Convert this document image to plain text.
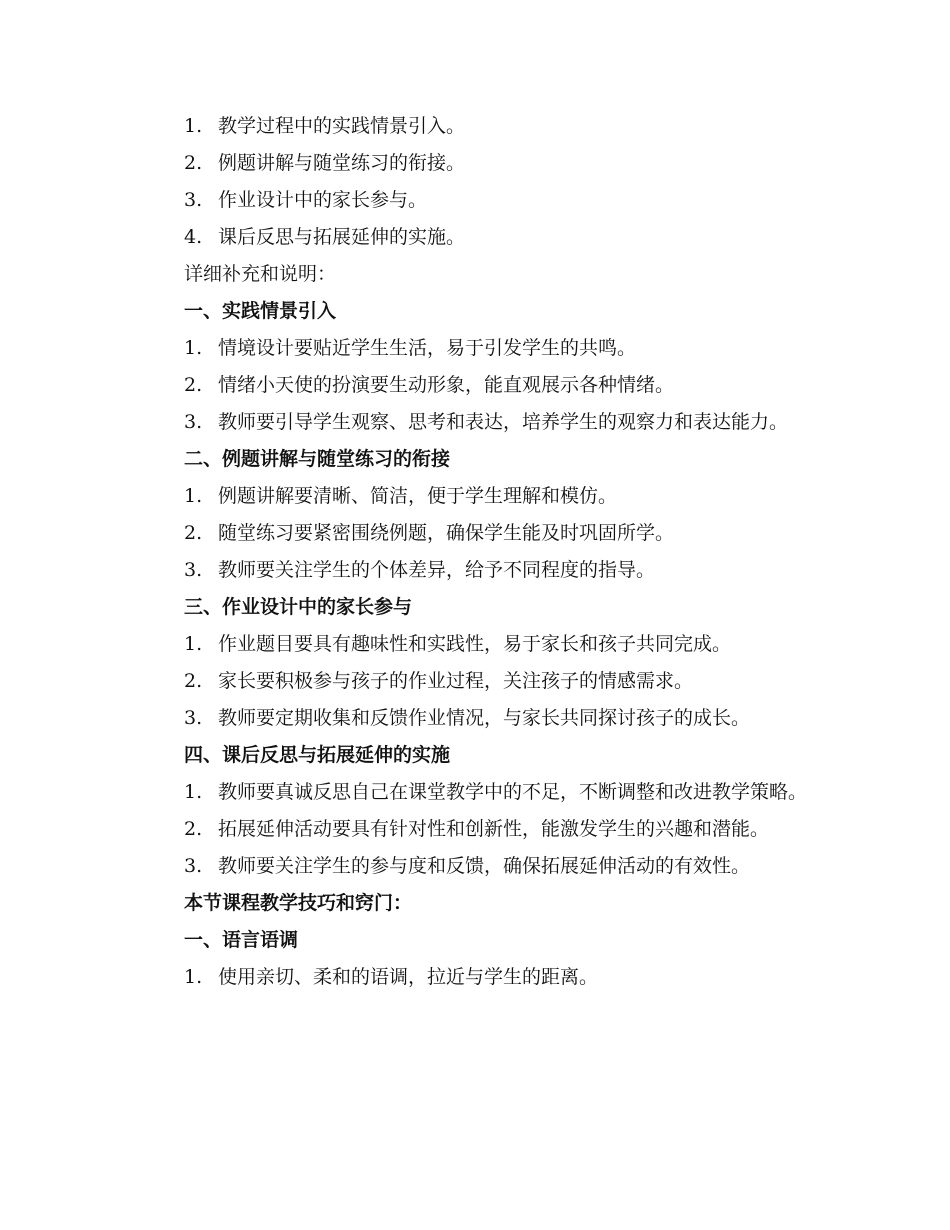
1. 教学过程中的实践情景引入。

2. 例题讲解与随堂练习的衔接。

3. 作业设计中的家长参与。

4. 课后反思与拓展延伸的实施。

详细补充和说明：

一、实践情景引入

1. 情境设计要贴近学生生活，易于引发学生的共鸣。

2. 情绪小天使的扮演要生动形象，能直观展示各种情绪。

3. 教师要引导学生观察、思考和表达，培养学生的观察力和表达能力。

二、例题讲解与随堂练习的衔接

1. 例题讲解要清晰、简洁，便于学生理解和模仿。

2. 随堂练习要紧密围绕例题，确保学生能及时巩固所学。

3. 教师要关注学生的个体差异，给予不同程度的指导。

三、作业设计中的家长参与

1. 作业题目要具有趣味性和实践性，易于家长和孩子共同完成。

2. 家长要积极参与孩子的作业过程，关注孩子的情感需求。

3. 教师要定期收集和反馈作业情况，与家长共同探讨孩子的成长。

四、课后反思与拓展延伸的实施

1. 教师要真诚反思自己在课堂教学中的不足，不断调整和改进教学策略。

2. 拓展延伸活动要具有针对性和创新性，能激发学生的兴趣和潜能。

3. 教师要关注学生的参与度和反馈，确保拓展延伸活动的有效性。

本节课程教学技巧和窍门：

一、语言语调

1. 使用亲切、柔和的语调，拉近与学生的距离。
